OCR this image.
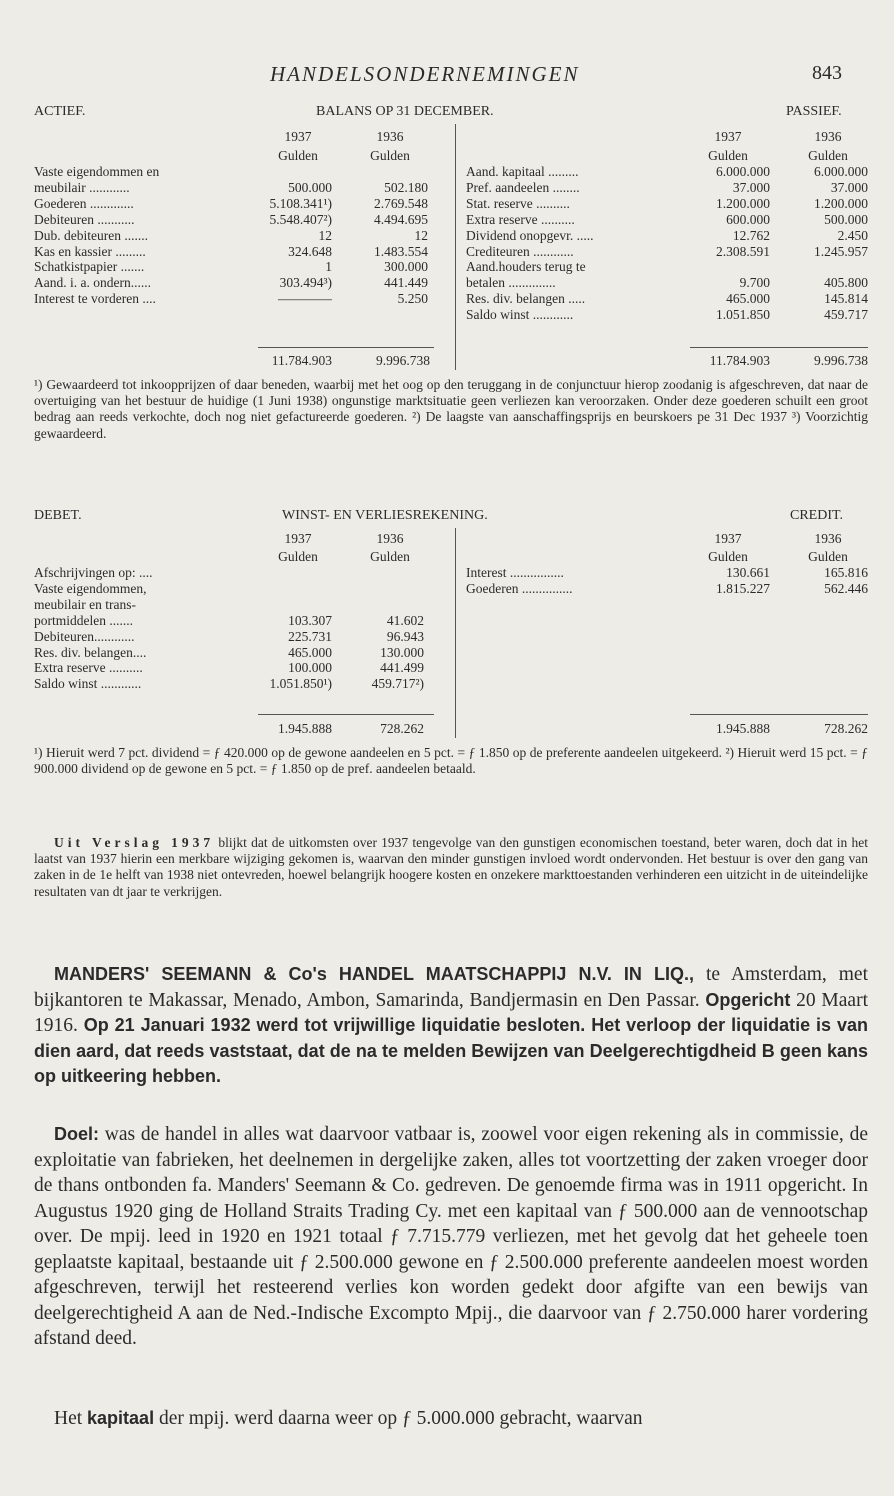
HANDELSONDERNEMINGEN	843
ACTIEF.	BALANS OP 31 DECEMBER.	PASSIEF.
1937	1936
Gulden	Gulden
1937	1936
Gulden	Gulden
Vaste eigendommen en		
meubilair ............	500.000	502.180
Goederen .............	5.108.341¹)	2.769.548
Debiteuren ...........	5.548.407²)	4.494.695
Dub. debiteuren .......	12	12
Kas en kassier .........	324.648	1.483.554
Schatkistpapier .......	1	300.000
Aand. i. a. ondern......	303.494³)	441.449
Interest te vorderen ....	————	5.250
Aand. kapitaal .........	6.000.000	6.000.000
Pref. aandeelen ........	37.000	37.000
Stat. reserve ..........	1.200.000	1.200.000
Extra reserve ..........	600.000	500.000
Dividend onopgevr. .....	12.762	2.450
Crediteuren ............	2.308.591	1.245.957
Aand.houders terug te		
betalen ..............	9.700	405.800
Res. div. belangen .....	465.000	145.814
Saldo winst ............	1.051.850	459.717
11.784.903	9.996.738	11.784.903	9.996.738
¹) Gewaardeerd tot inkoopprijzen of daar beneden, waarbij met het oog op den teruggang in de conjunctuur hierop zoodanig is afgeschreven, dat naar de overtuiging van het bestuur de huidige (1 Juni 1938) ongunstige marktsituatie geen verliezen kan veroorzaken. Onder deze goederen schuilt een groot bedrag aan reeds verkochte, doch nog niet gefactureerde goederen. ²) De laagste van aanschaffingsprijs en beurskoers pe 31 Dec 1937 ³) Voorzichtig gewaardeerd.
DEBET.	WINST- EN VERLIESREKENING.	CREDIT.
1937	1936
Gulden	Gulden
1937	1936
Gulden	Gulden
Afschrijvingen op: ....		
Vaste eigendommen,		
meubilair en trans-		
portmiddelen .......	103.307	41.602
Debiteuren............	225.731	96.943
Res. div. belangen....	465.000	130.000
Extra reserve ..........	100.000	441.499
Saldo winst ............	1.051.850¹)	459.717²)
Interest ................	130.661	165.816
Goederen ...............	1.815.227	562.446
1.945.888	728.262	1.945.888	728.262
¹) Hieruit werd 7 pct. dividend = ƒ 420.000 op de gewone aandeelen en 5 pct. = ƒ 1.850 op de preferente aandeelen uitgekeerd. ²) Hieruit werd 15 pct. = ƒ 900.000 dividend op de gewone en 5 pct. = ƒ 1.850 op de pref. aandeelen betaald.
Uit Verslag 1937 blijkt dat de uitkomsten over 1937 tengevolge van den gunstigen economischen toestand, beter waren, doch dat in het laatst van 1937 hierin een merkbare wijziging gekomen is, waarvan den minder gunstigen invloed wordt ondervonden. Het bestuur is over den gang van zaken in de 1e helft van 1938 niet ontevreden, hoewel belangrijk hoogere kosten en onzekere markttoestanden verhinderen een uitzicht in de uiteindelijke resultaten van dt jaar te verkrijgen.
MANDERS' SEEMANN & Co's HANDEL MAATSCHAPPIJ N.V. IN LIQ., te Amsterdam, met bijkantoren te Makassar, Menado, Ambon, Samarinda, Bandjermasin en Den Passar. Opgericht 20 Maart 1916. Op 21 Januari 1932 werd tot vrijwillige liquidatie besloten. Het verloop der liquidatie is van dien aard, dat reeds vaststaat, dat de na te melden Bewijzen van Deelgerechtigdheid B geen kans op uitkeering hebben.
Doel: was de handel in alles wat daarvoor vatbaar is, zoowel voor eigen rekening als in commissie, de exploitatie van fabrieken, het deelnemen in dergelijke zaken, alles tot voortzetting der zaken vroeger door de thans ontbonden fa. Manders' Seemann & Co. gedreven. De genoemde firma was in 1911 opgericht. In Augustus 1920 ging de Holland Straits Trading Cy. met een kapitaal van ƒ 500.000 aan de vennootschap over. De mpij. leed in 1920 en 1921 totaal ƒ 7.715.779 verliezen, met het gevolg dat het geheele toen geplaatste kapitaal, bestaande uit ƒ 2.500.000 gewone en ƒ 2.500.000 preferente aandeelen moest worden afgeschreven, terwijl het resteerend verlies kon worden gedekt door afgifte van een bewijs van deelgerechtigheid A aan de Ned.-Indische Excompto Mpij., die daarvoor van ƒ 2.750.000 harer vordering afstand deed.
Het kapitaal der mpij. werd daarna weer op ƒ 5.000.000 gebracht, waarvan
